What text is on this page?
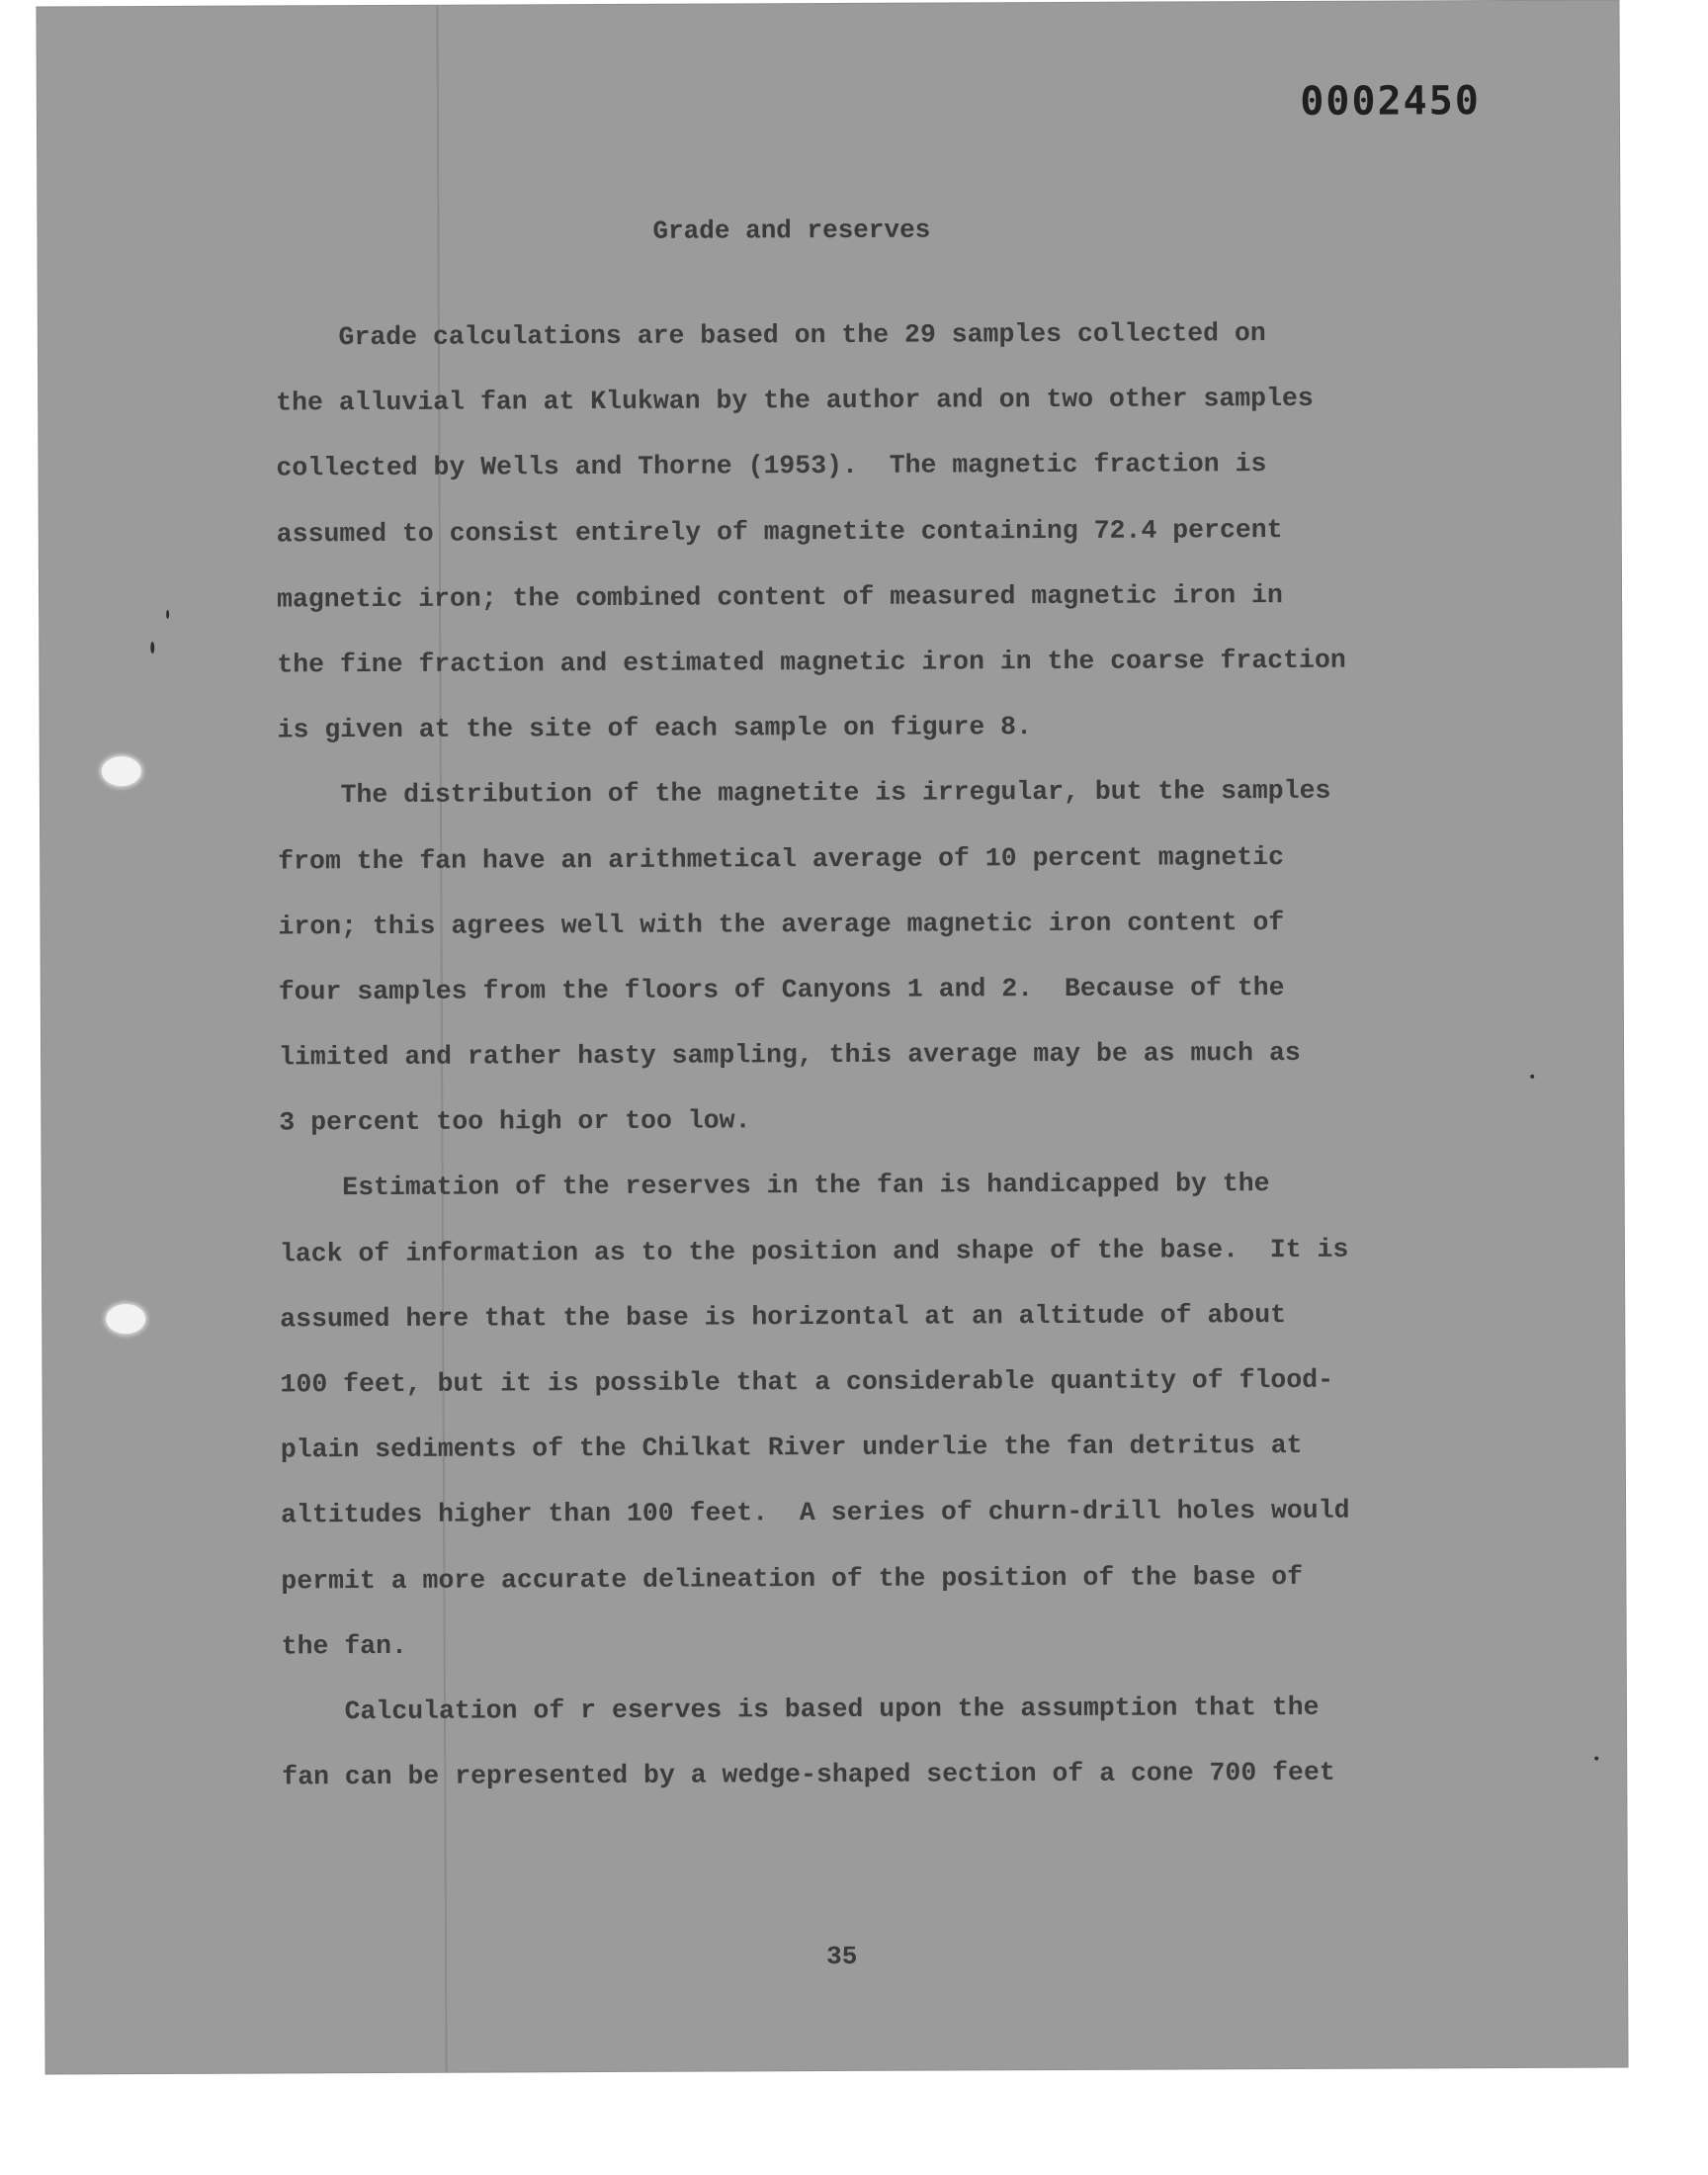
0002450
Grade and reserves
Grade calculations are based on the 29 samples collected on
the alluvial fan at Klukwan by the author and on two other samples
collected by Wells and Thorne (1953).  The magnetic fraction is
assumed to consist entirely of magnetite containing 72.4 percent
magnetic iron; the combined content of measured magnetic iron in
the fine fraction and estimated magnetic iron in the coarse fraction
is given at the site of each sample on figure 8.
The distribution of the magnetite is irregular, but the samples
from the fan have an arithmetical average of 10 percent magnetic
iron; this agrees well with the average magnetic iron content of
four samples from the floors of Canyons 1 and 2.  Because of the
limited and rather hasty sampling, this average may be as much as
3 percent too high or too low.
Estimation of the reserves in the fan is handicapped by the
lack of information as to the position and shape of the base.  It is
assumed here that the base is horizontal at an altitude of about
100 feet, but it is possible that a considerable quantity of flood-
plain sediments of the Chilkat River underlie the fan detritus at
altitudes higher than 100 feet.  A series of churn-drill holes would
permit a more accurate delineation of the position of the base of
the fan.
Calculation of r eserves is based upon the assumption that the
fan can be represented by a wedge-shaped section of a cone 700 feet
35
